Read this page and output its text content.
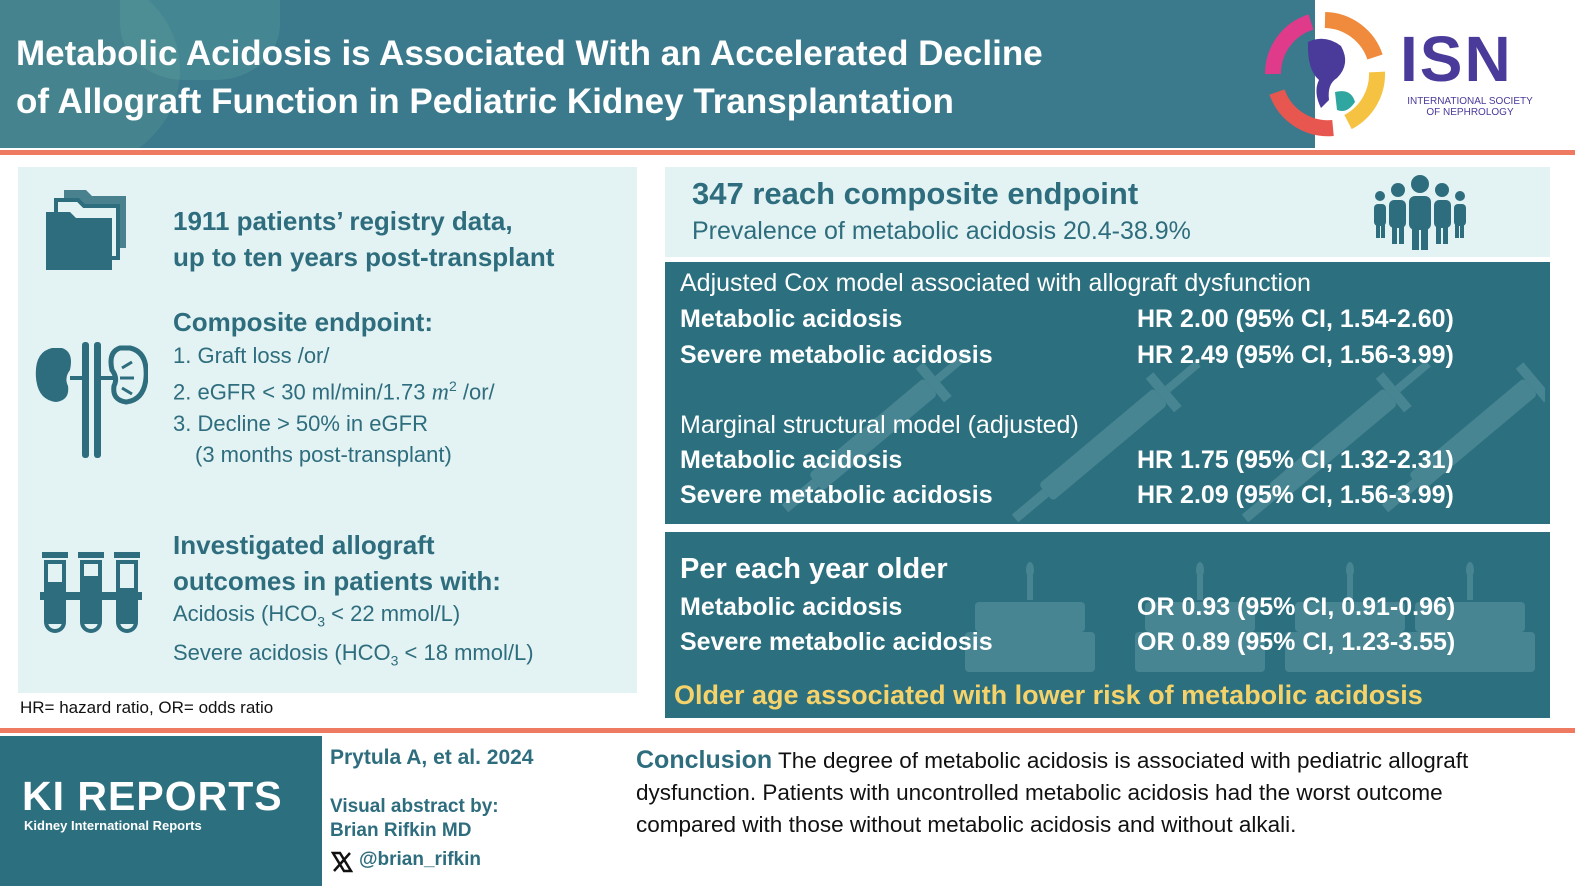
Metabolic Acidosis is Associated With an Accelerated Decline
of Allograft Function in Pediatric Kidney Transplantation
ISN
INTERNATIONAL SOCIETY
OF NEPHROLOGY
1911 patients’ registry data,
up to ten years post-transplant
Composite endpoint:
1. Graft loss /or/
2. eGFR < 30 ml/min/1.73 $m^2$ /or/
3. Decline > 50% in eGFR
(3 months post-transplant)
Investigated allograft
outcomes in patients with:
Acidosis ($HCO_3 < 22$ mmol/L)
Severe acidosis ($HCO_3 < 18$ mmol/L)
HR= hazard ratio, OR= odds ratio
347 reach composite endpoint
Prevalence of metabolic acidosis 20.4-38.9%
Adjusted Cox model associated with allograft dysfunction
Metabolic acidosis	HR 2.00 (95% CI, 1.54-2.60)
Severe metabolic acidosis	HR 2.49 (95% CI, 1.56-3.99)
Marginal structural model (adjusted)
Metabolic acidosis	HR 1.75 (95% CI, 1.32-2.31)
Severe metabolic acidosis	HR 2.09 (95% CI, 1.56-3.99)
Per each year older
Metabolic acidosis	OR 0.93 (95% CI, 0.91-0.96)
Severe metabolic acidosis	OR 0.89 (95% CI, 1.23-3.55)
Older age associated with lower risk of metabolic acidosis
KI REPORTS
Kidney International Reports
Prytula A, et al. 2024
Visual abstract by:
Brian Rifkin MD
@brian_rifkin
Conclusion The degree of metabolic acidosis is associated with pediatric allograft dysfunction. Patients with uncontrolled metabolic acidosis had the worst outcome compared with those without metabolic acidosis and without alkali.
